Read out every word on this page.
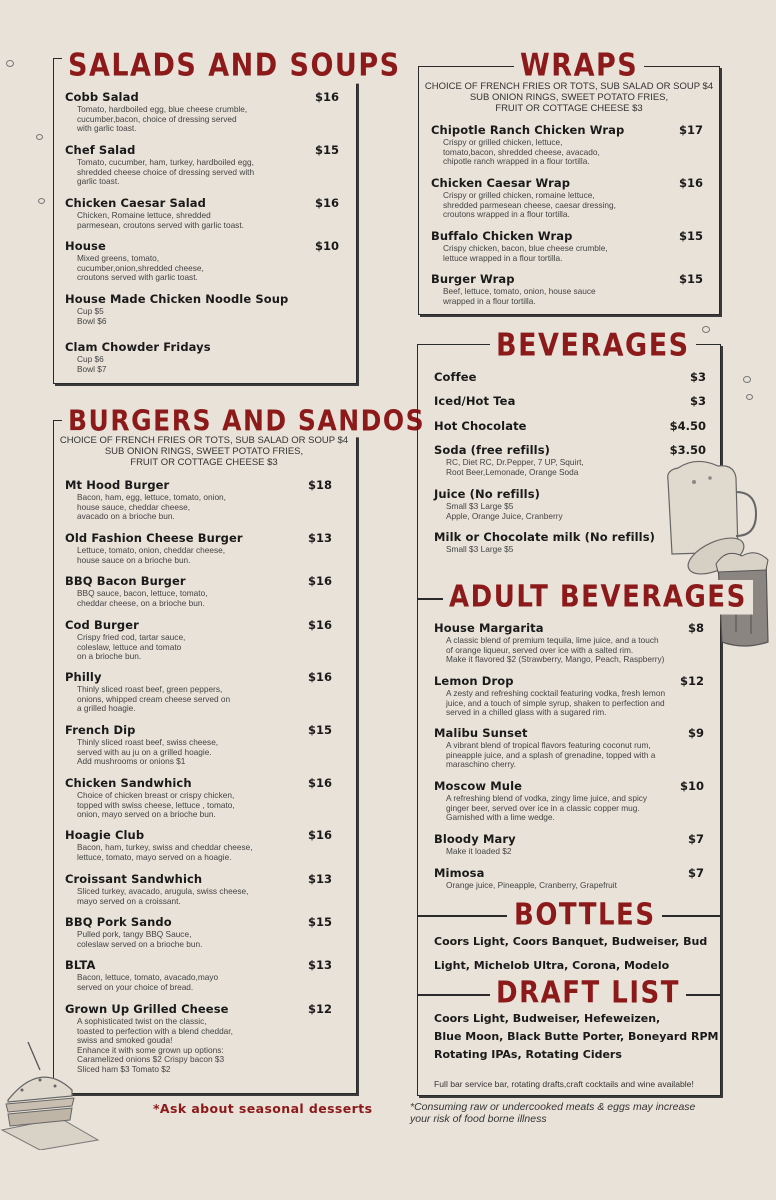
SALADS AND SOUPS
Cobb Salad	$16
Tomato, hardboiled egg, blue cheese crumble,
cucumber,bacon, choice of dressing served
with garlic toast.
Chef Salad	$15
Tomato, cucumber, ham, turkey, hardboiled egg,
shredded cheese choice of dressing served with
garlic toast.
Chicken Caesar Salad	$16
Chicken, Romaine lettuce, shredded
parmesean, croutons served with garlic toast.
House	$10
Mixed greens, tomato,
cucumber,onion,shredded cheese,
croutons served with garlic toast.
House Made Chicken Noodle Soup
Cup $5
Bowl $6
Clam Chowder Fridays
Cup $6
Bowl $7
BURGERS AND SANDOS
CHOICE OF FRENCH FRIES OR TOTS, SUB SALAD OR SOUP $4
SUB ONION RINGS, SWEET POTATO FRIES,
FRUIT OR COTTAGE CHEESE $3
Mt Hood Burger	$18
Bacon, ham, egg, lettuce, tomato, onion,
house sauce, cheddar cheese,
avacado on a brioche bun.
Old Fashion Cheese Burger	$13
Lettuce, tomato, onion, cheddar cheese,
house sauce on a brioche bun.
BBQ Bacon Burger	$16
BBQ sauce, bacon, lettuce, tomato,
cheddar cheese, on a brioche bun.
Cod Burger	$16
Crispy fried cod, tartar sauce,
coleslaw, lettuce and tomato
on a brioche bun.
Philly	$16
Thinly sliced roast beef, green peppers,
onions, whipped cream cheese served on
a grilled hoagie.
French Dip	$15
Thinly sliced roast beef, swiss cheese,
served with au ju on a grilled hoagie.
Add mushrooms or onions $1
Chicken Sandwhich	$16
Choice of chicken breast or crispy chicken,
topped with swiss cheese, lettuce , tomato,
onion, mayo served on a brioche bun.
Hoagie Club	$16
Bacon, ham, turkey, swiss and cheddar cheese,
lettuce, tomato, mayo served on a hoagie.
Croissant Sandwhich	$13
Sliced turkey, avacado, arugula, swiss cheese,
mayo served on a croissant.
BBQ Pork Sando	$15
Pulled pork, tangy BBQ Sauce,
coleslaw served on a brioche bun.
BLTA	$13
Bacon, lettuce, tomato, avacado,mayo
served on your choice of bread.
Grown Up Grilled Cheese	$12
A sophisticated twist on the classic,
toasted to perfection with a blend cheddar,
swiss and smoked gouda!
Enhance it with some grown up options:
Caramelized onions $2 Crispy bacon $3
Sliced ham $3 Tomato $2
*Ask about seasonal desserts
WRAPS
CHOICE OF FRENCH FRIES OR TOTS, SUB SALAD OR SOUP $4
SUB ONION RINGS, SWEET POTATO FRIES,
FRUIT OR COTTAGE CHEESE $3
Chipotle Ranch Chicken Wrap	$17
Crispy or grilled chicken, lettuce,
tomato,bacon, shredded cheese, avacado,
chipotle ranch wrapped in a flour tortilla.
Chicken Caesar Wrap	$16
Crispy or grilled chicken, romaine lettuce,
shredded parmesean cheese, caesar dressing,
croutons wrapped in a flour tortilla.
Buffalo Chicken Wrap	$15
Crispy chicken, bacon, blue cheese crumble,
lettuce wrapped in a flour tortilla.
Burger Wrap	$15
Beef, lettuce, tomato, onion, house sauce
wrapped in a flour tortilla.
BEVERAGES
Coffee	$3
Iced/Hot Tea	$3
Hot Chocolate	$4.50
Soda (free refills)	$3.50
RC, Diet RC, Dr.Pepper, 7 UP, Squirt,
Root Beer,Lemonade, Orange Soda
Juice (No refills)
Small $3 Large $5
Apple, Orange Juice, Cranberry
Milk or Chocolate milk (No refills)
Small $3 Large $5
ADULT BEVERAGES
House Margarita	$8
A classic blend of premium tequila, lime juice, and a touch
of orange liqueur, served over ice with a salted rim.
Make it flavored $2 (Strawberry, Mango, Peach, Raspberry)
Lemon Drop	$12
A zesty and refreshing cocktail featuring vodka, fresh lemon
juice, and a touch of simple syrup, shaken to perfection and
served in a chilled glass with a sugared rim.
Malibu Sunset	$9
A vibrant blend of tropical flavors featuring coconut rum,
pineapple juice, and a splash of grenadine, topped with a
maraschino cherry.
Moscow Mule	$10
A refreshing blend of vodka, zingy lime juice, and spicy
ginger beer, served over ice in a classic copper mug.
Garnished with a lime wedge.
Bloody Mary	$7
Make it loaded $2
Mimosa	$7
Orange juice, Pineapple, Cranberry, Grapefruit
BOTTLES
Coors Light, Coors Banquet, Budweiser, Bud
Light, Michelob Ultra, Corona, Modelo
DRAFT LIST
Coors Light, Budweiser, Hefeweizen,
Blue Moon, Black Butte Porter, Boneyard RPM
Rotating IPAs, Rotating Ciders
Full bar service bar, rotating drafts,craft cocktails and wine available!
*Consuming raw or undercooked meats & eggs may increase
your risk of food borne illness
